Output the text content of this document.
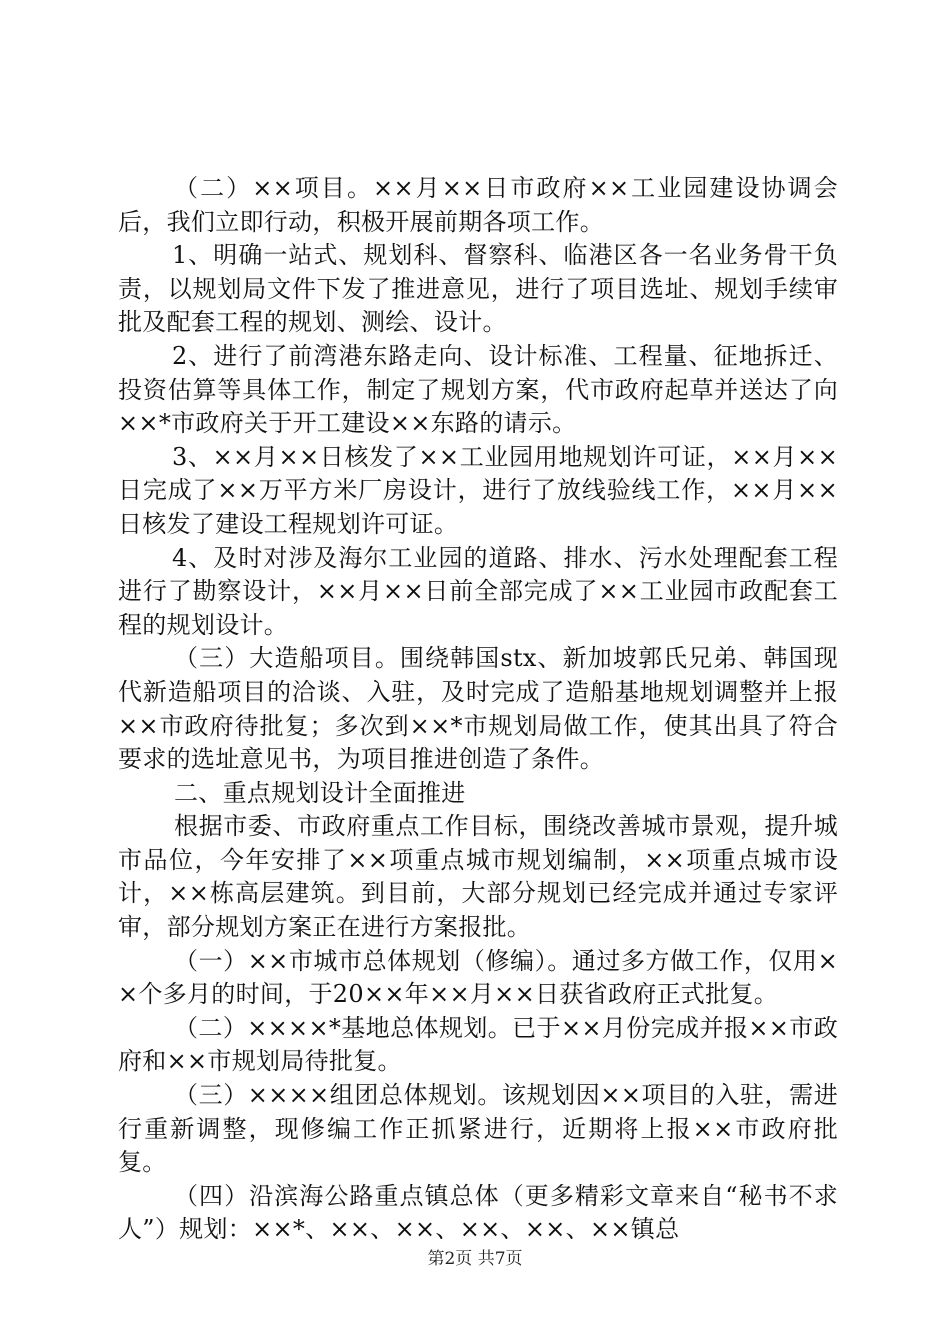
（二）××项目。××月××日市政府××工业园建设协调会后，我们立即行动，积极开展前期各项工作。

1、明确一站式、规划科、督察科、临港区各一名业务骨干负责，以规划局文件下发了推进意见，进行了项目选址、规划手续审批及配套工程的规划、测绘、设计。

2、进行了前湾港东路走向、设计标准、工程量、征地拆迁、投资估算等具体工作，制定了规划方案，代市政府起草并送达了向××*市政府关于开工建设××东路的请示。

3、××月××日核发了××工业园用地规划许可证，××月××日完成了××万平方米厂房设计，进行了放线验线工作，××月××日核发了建设工程规划许可证。

4、及时对涉及海尔工业园的道路、排水、污水处理配套工程进行了勘察设计，××月××日前全部完成了××工业园市政配套工程的规划设计。

（三）大造船项目。围绕韩国stx、新加坡郭氏兄弟、韩国现代新造船项目的洽谈、入驻，及时完成了造船基地规划调整并上报××市政府待批复；多次到××*市规划局做工作，使其出具了符合要求的选址意见书，为项目推进创造了条件。

二、重点规划设计全面推进

根据市委、市政府重点工作目标，围绕改善城市景观，提升城市品位，今年安排了××项重点城市规划编制，××项重点城市设计，××栋高层建筑。到目前，大部分规划已经完成并通过专家评审，部分规划方案正在进行方案报批。

（一）××市城市总体规划（修编）。通过多方做工作，仅用××个多月的时间，于20××年××月××日获省政府正式批复。

（二）××××*基地总体规划。已于××月份完成并报××市政府和××市规划局待批复。

（三）××××组团总体规划。该规划因××项目的入驻，需进行重新调整，现修编工作正抓紧进行，近期将上报××市政府批复。

（四）沿滨海公路重点镇总体（更多精彩文章来自“秘书不求人”）规划：××*、××、××、××、××、××镇总

第2页 共7页
